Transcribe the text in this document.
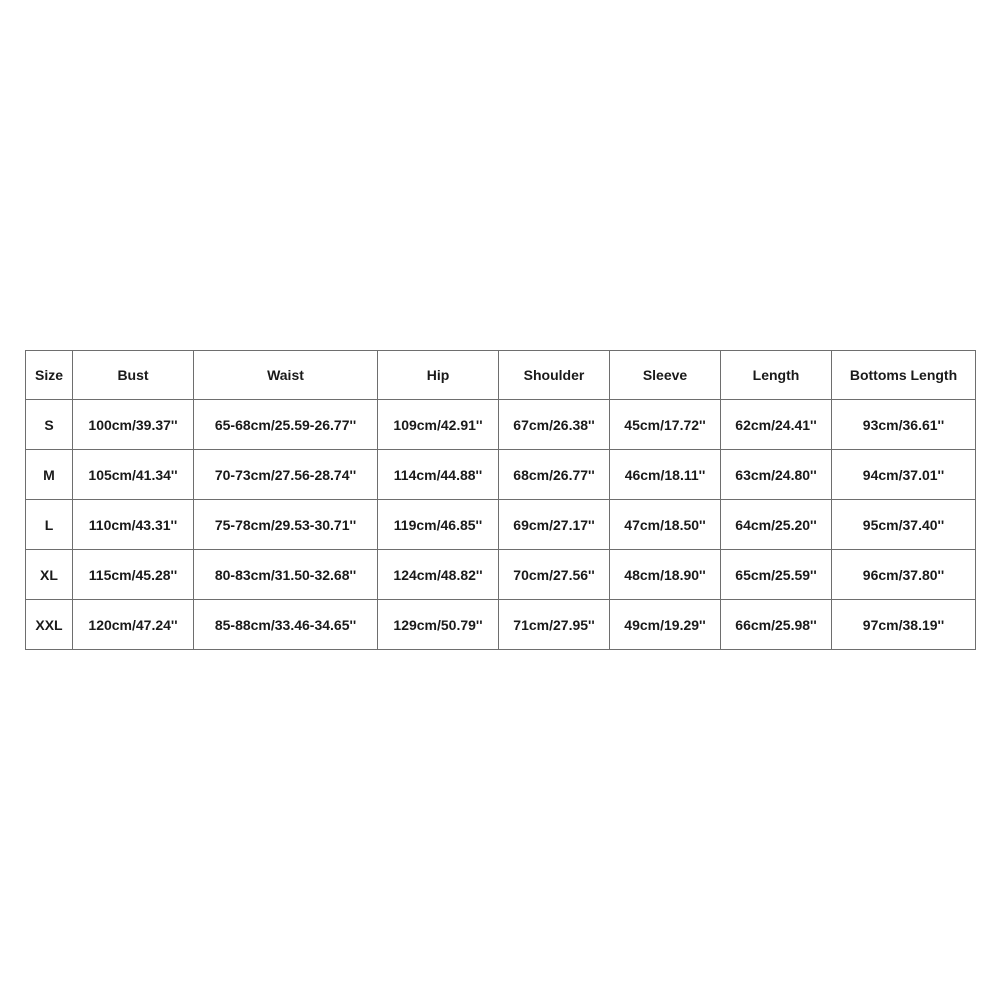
Size	Bust	Waist	Hip	Shoulder	Sleeve	Length	Bottoms Length
S	100cm/39.37''	65-68cm/25.59-26.77''	109cm/42.91''	67cm/26.38''	45cm/17.72''	62cm/24.41''	93cm/36.61''
M	105cm/41.34''	70-73cm/27.56-28.74''	114cm/44.88''	68cm/26.77''	46cm/18.11''	63cm/24.80''	94cm/37.01''
L	110cm/43.31''	75-78cm/29.53-30.71''	119cm/46.85''	69cm/27.17''	47cm/18.50''	64cm/25.20''	95cm/37.40''
XL	115cm/45.28''	80-83cm/31.50-32.68''	124cm/48.82''	70cm/27.56''	48cm/18.90''	65cm/25.59''	96cm/37.80''
XXL	120cm/47.24''	85-88cm/33.46-34.65''	129cm/50.79''	71cm/27.95''	49cm/19.29''	66cm/25.98''	97cm/38.19''
